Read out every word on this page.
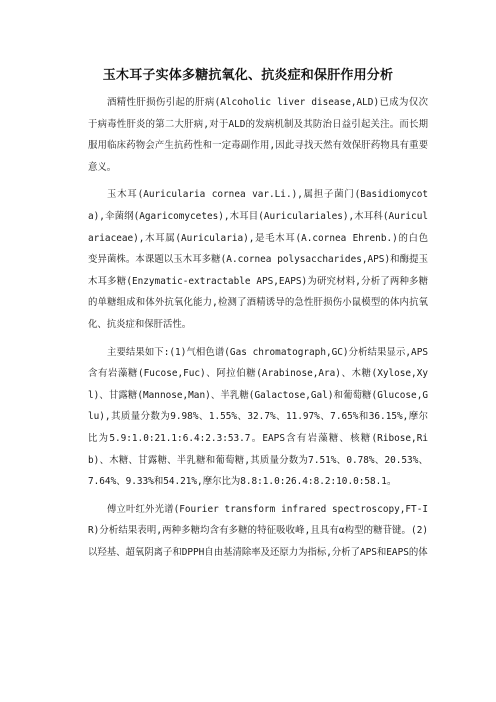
玉木耳子实体多糖抗氧化、抗炎症和保肝作用分析

酒精性肝损伤引起的肝病(Alcoholic liver disease,ALD)已成为仅次于病毒性肝炎的第二大肝病,对于ALD的发病机制及其防治日益引起关注。而长期服用临床药物会产生抗药性和一定毒副作用,因此寻找天然有效保肝药物具有重要意义。

玉木耳(Auricularia cornea var.Li.),属担子菌门(Basidiomycota),伞菌纲(Agaricomycetes),木耳目(Auriculariales),木耳科(Auriculariaceae),木耳属(Auricularia),是毛木耳(A.cornea Ehrenb.)的白色变异菌株。本课题以玉木耳多糖(A.cornea polysaccharides,APS)和酶提玉木耳多糖(Enzymatic-extractable APS,EAPS)为研究材料,分析了两种多糖的单糖组成和体外抗氧化能力,检测了酒精诱导的急性肝损伤小鼠模型的体内抗氧化、抗炎症和保肝活性。

主要结果如下:(1)气相色谱(Gas chromatograph,GC)分析结果显示,APS含有岩藻糖(Fucose,Fuc)、阿拉伯糖(Arabinose,Ara)、木糖(Xylose,Xyl)、甘露糖(Mannose,Man)、半乳糖(Galactose,Gal)和葡萄糖(Glucose,Glu),其质量分数为9.98%、1.55%、32.7%、11.97%、7.65%和36.15%,摩尔比为5.9:1.0:21.1:6.4:2.3:53.7。EAPS含有岩藻糖、核糖(Ribose,Rib)、木糖、甘露糖、半乳糖和葡萄糖,其质量分数为7.51%、0.78%、20.53%、7.64%、9.33%和54.21%,摩尔比为8.8:1.0:26.4:8.2:10.0:58.1。

傅立叶红外光谱(Fourier transform infrared spectroscopy,FT-IR)分析结果表明,两种多糖均含有多糖的特征吸收峰,且具有α构型的糖苷键。(2)以羟基、超氧阴离子和DPPH自由基清除率及还原力为指标,分析了APS和EAPS的体
